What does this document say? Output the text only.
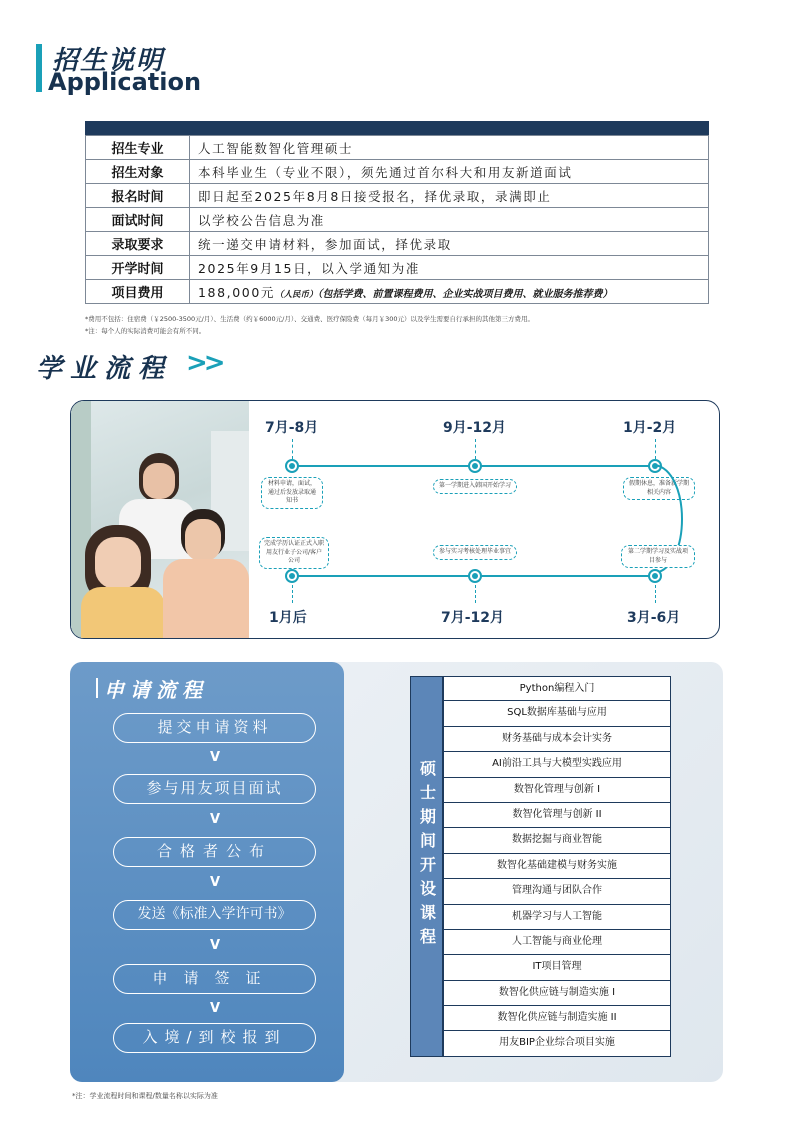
招生说明
Application
招生专业	人工智能数智化管理硕士
招生对象	本科毕业生（专业不限），须先通过首尔科大和用友新道面试
报名时间	即日起至2025年8月8日接受报名，择优录取，录满即止
面试时间	以学校公告信息为准
录取要求	统一递交申请材料，参加面试，择优录取
开学时间	2025年9月15日，以入学通知为准
项目费用	188,000元（人民币）（包括学费、前置课程费用、企业实战项目费用、就业服务推荐费）
*费用不包括：住宿费（￥2500-3500元/月）、生活费（约￥6000元/月）、交通费、医疗保险费（每月￥300元）以及学生需要自行承担的其他第三方费用。
*注：每个人的实际消费可能会有所不同。
学业流程 >>
7月-8月	9月-12月	1月-2月
材料申请，面试，通过后发放录取通知书
第一学期进入韩国开始学习	假期休息，准备新学期相关内容
完成学历认证正式入职用友行业子公司/客户公司
参与实习考核处理毕业事宜	第二学期学习及实战项目参与
1月后	7月-12月	3月-6月
申请流程
提交申请资料
V
参与用友项目面试
V
合格者公布
V
发送《标准入学许可书》
V
申请签证
V
入境/到校报到
硕士期间开设课程
Python编程入门
SQL数据库基础与应用
财务基础与成本会计实务
AI前沿工具与大模型实践应用
数智化管理与创新 I
数智化管理与创新 II
数据挖掘与商业智能
数智化基础建模与财务实施
管理沟通与团队合作
机器学习与人工智能
人工智能与商业伦理
IT项目管理
数智化供应链与制造实施 I
数智化供应链与制造实施 II
用友BIP企业综合项目实施
*注：学业流程时间和课程/数量名称以实际为准
